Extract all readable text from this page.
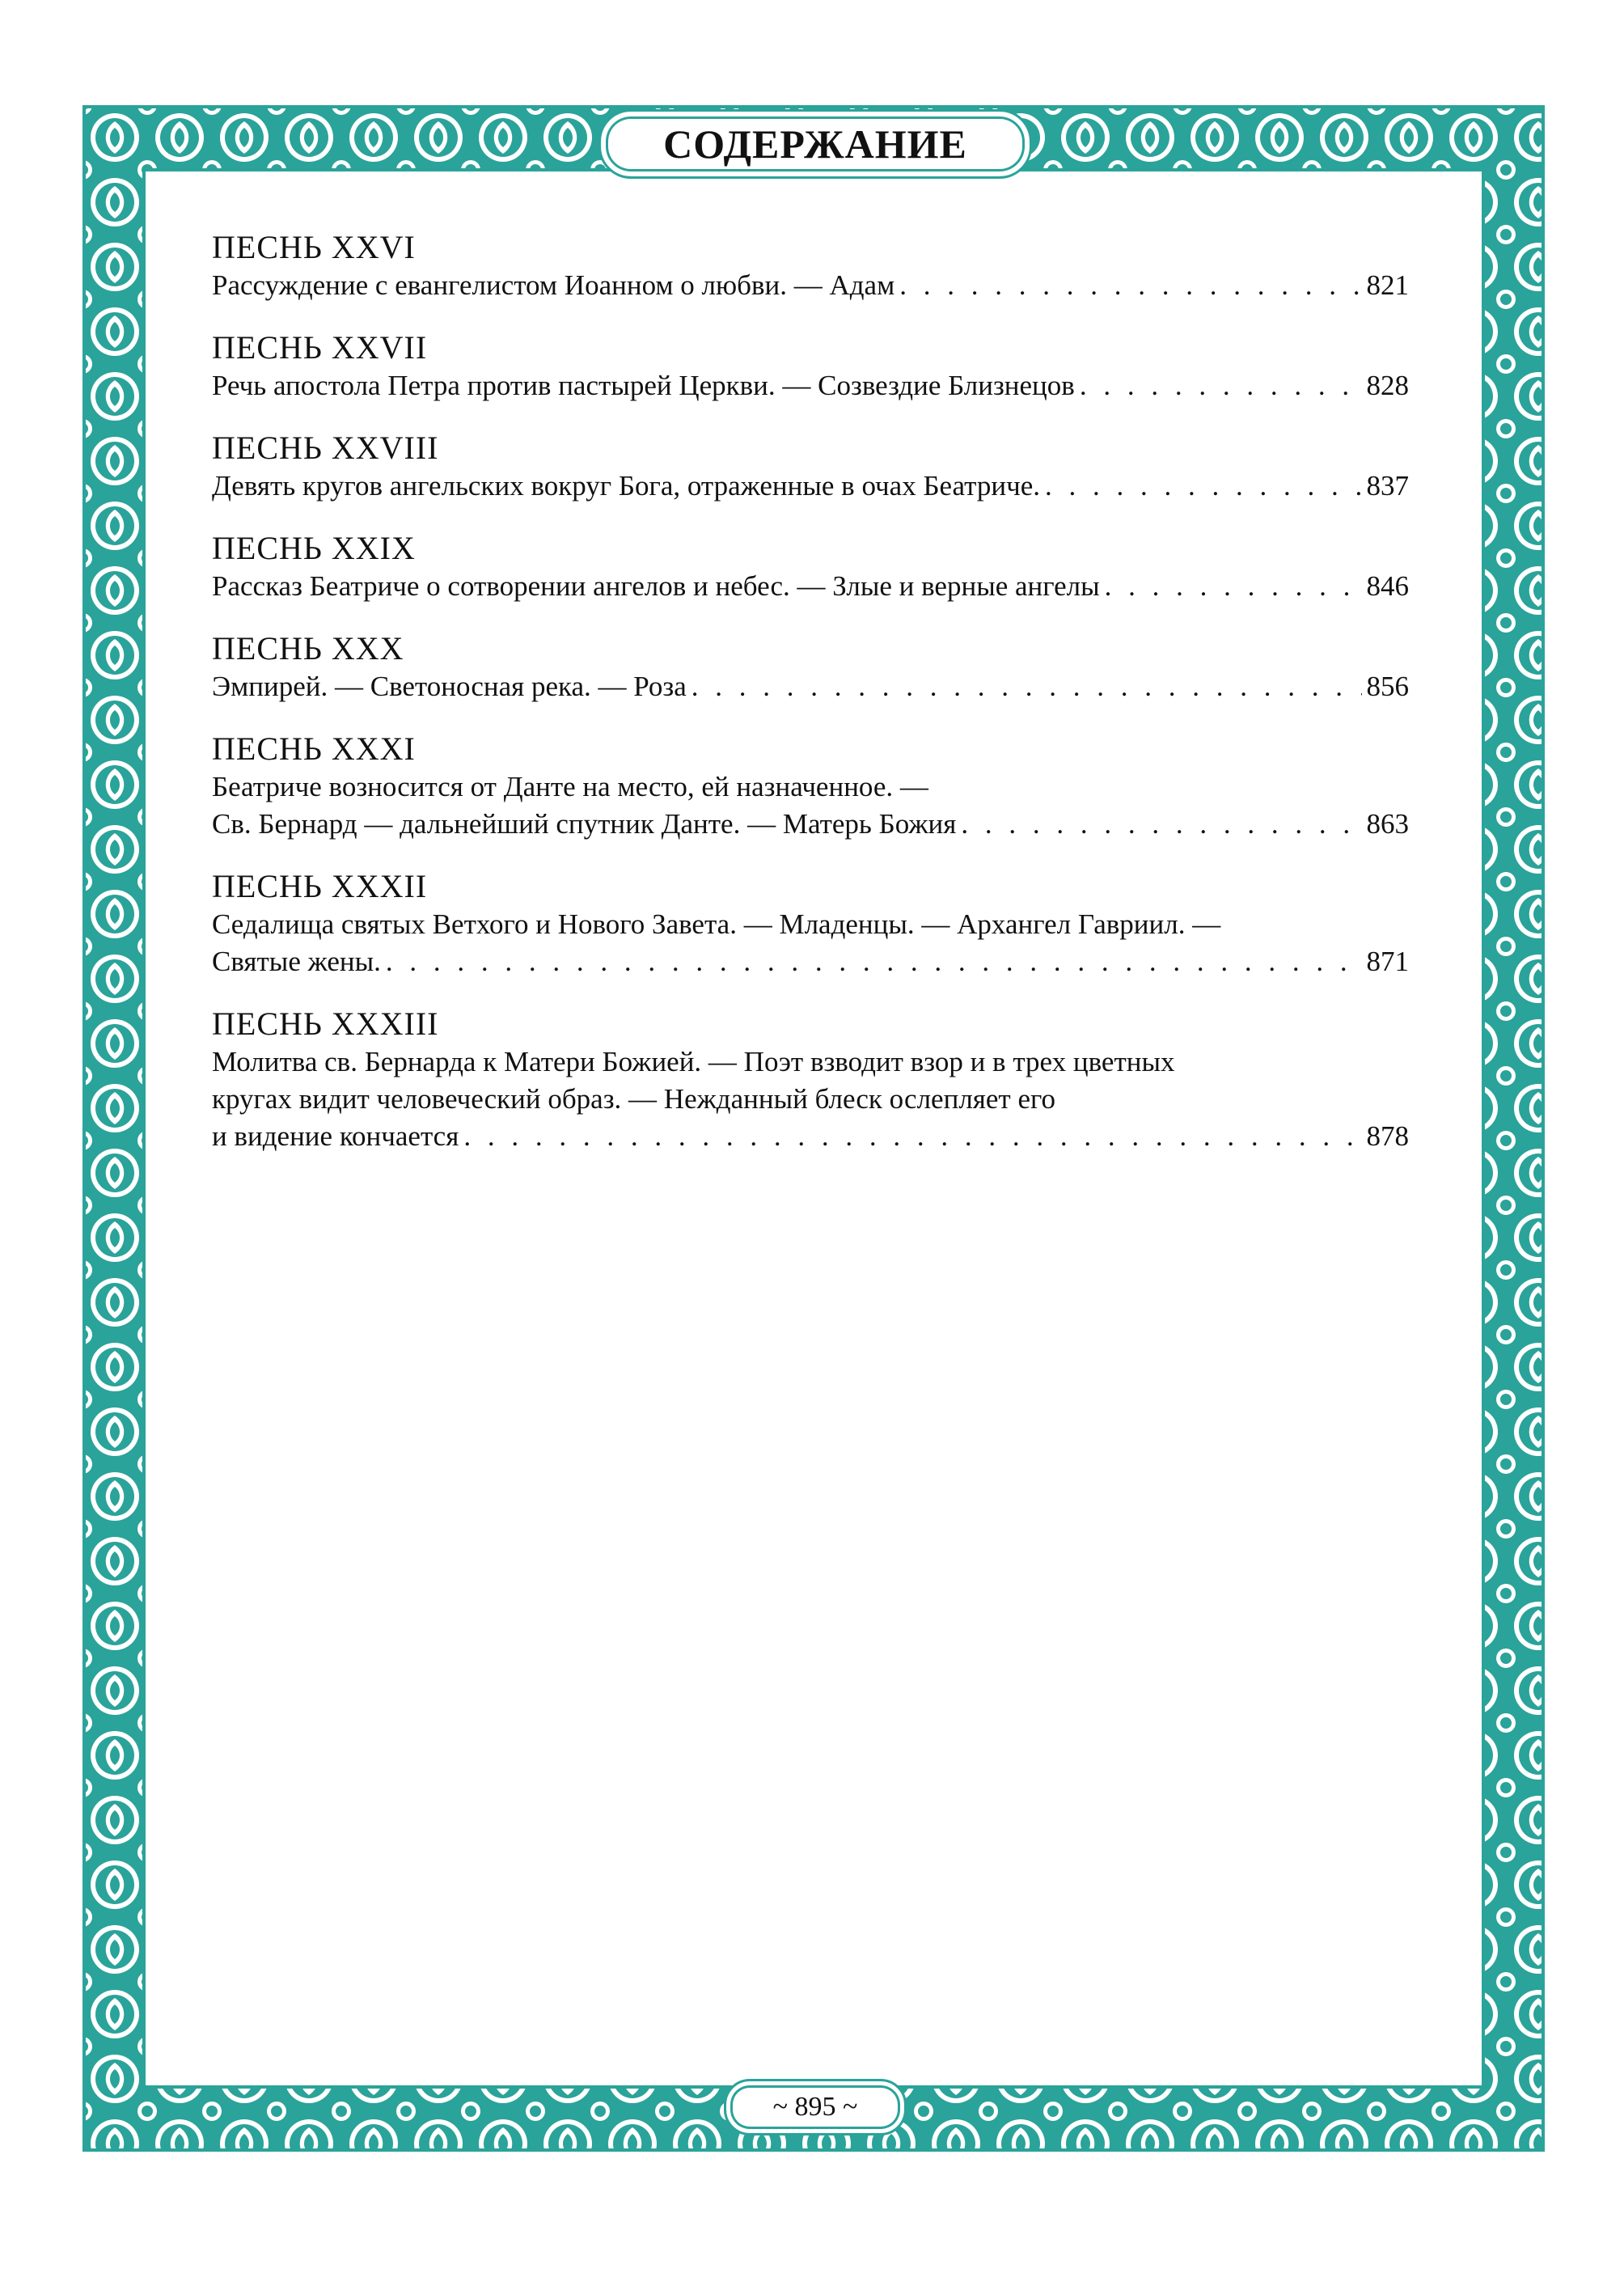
СОДЕРЖАНИЕ
ПЕСНЬ XXVI
Рассуждение с евангелистом Иоанном о любви. — Адам . . .	821
ПЕСНЬ XXVII
Речь апостола Петра против пастырей Церкви. — Созвездие Близнецов . . .	828
ПЕСНЬ XXVIII
Девять кругов ангельских вокруг Бога, отраженные в очах Беатриче. . . .	837
ПЕСНЬ XXIX
Рассказ Беатриче о сотворении ангелов и небес. — Злые и верные ангелы . . .	846
ПЕСНЬ XXX
Эмпирей. — Светоносная река. — Роза . . .	856
ПЕСНЬ XXXI
Беатриче возносится от Данте на место, ей назначенное. —
Св. Бернард — дальнейший спутник Данте. — Матерь Божия . . .	863
ПЕСНЬ XXXII
Седалища святых Ветхого и Нового Завета. — Младенцы. — Архангел Гавриил. —
Святые жены. . . .	871
ПЕСНЬ XXXIII
Молитва св. Бернарда к Матери Божией. — Поэт взводит взор и в трех цветных
кругах видит человеческий образ. — Нежданный блеск ослепляет его
и видение кончается . . .	878
~ 895 ~
